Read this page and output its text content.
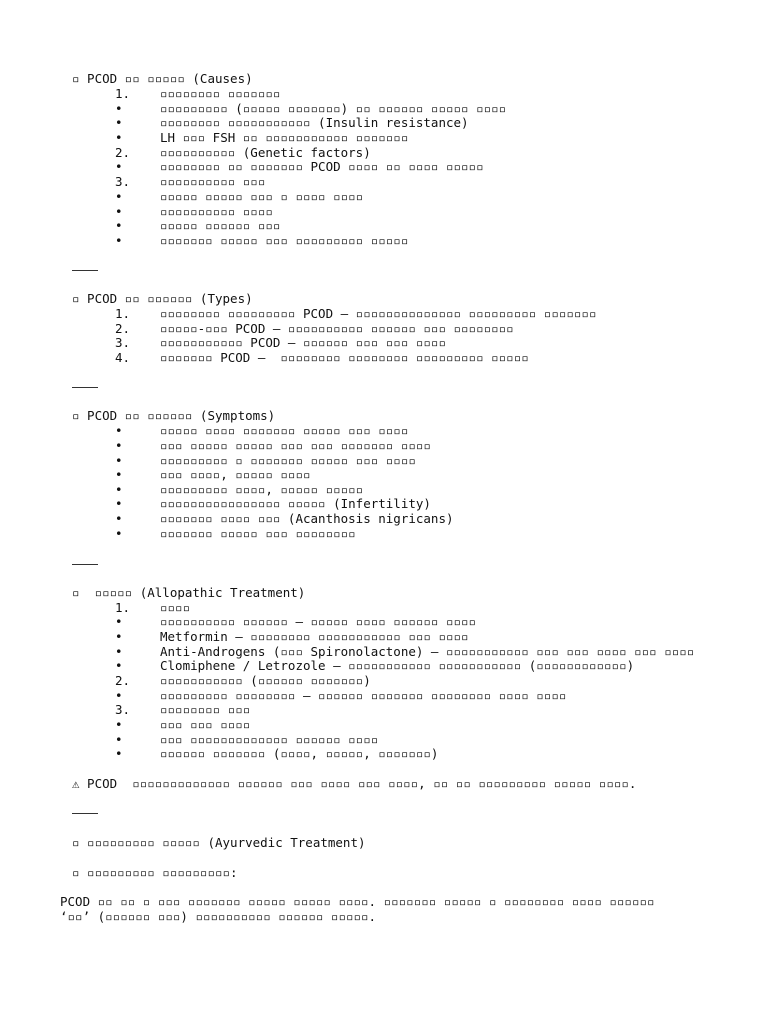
▫ PCOD ▫▫ ▫▫▫▫▫ (Causes)
1. ▫▫▫▫▫▫▫▫ ▫▫▫▫▫▫▫
•	▫▫▫▫▫▫▫▫▫ (▫▫▫▫▫ ▫▫▫▫▫▫▫) ▫▫ ▫▫▫▫▫▫ ▫▫▫▫▫ ▫▫▫▫
•	▫▫▫▫▫▫▫▫ ▫▫▫▫▫▫▫▫▫▫▫ (Insulin resistance)
•	LH ▫▫▫ FSH ▫▫ ▫▫▫▫▫▫▫▫▫▫▫ ▫▫▫▫▫▫▫
2. ▫▫▫▫▫▫▫▫▫▫ (Genetic factors)
•	▫▫▫▫▫▫▫▫ ▫▫ ▫▫▫▫▫▫▫ PCOD ▫▫▫▫ ▫▫ ▫▫▫▫ ▫▫▫▫▫
3. ▫▫▫▫▫▫▫▫▫▫ ▫▫▫
•	▫▫▫▫▫ ▫▫▫▫▫ ▫▫▫ ▫ ▫▫▫▫ ▫▫▫▫
•	▫▫▫▫▫▫▫▫▫▫ ▫▫▫▫
•	▫▫▫▫▫ ▫▫▫▫▫▫ ▫▫▫
•	▫▫▫▫▫▫▫ ▫▫▫▫▫ ▫▫▫ ▫▫▫▫▫▫▫▫▫ ▫▫▫▫▫
▫ PCOD ▫▫ ▫▫▫▫▫▫ (Types)
1. ▫▫▫▫▫▫▫▫ ▫▫▫▫▫▫▫▫▫ PCOD – ▫▫▫▫▫▫▫▫▫▫▫▫▫▫ ▫▫▫▫▫▫▫▫▫ ▫▫▫▫▫▫▫
2. ▫▫▫▫▫-▫▫▫ PCOD – ▫▫▫▫▫▫▫▫▫▫ ▫▫▫▫▫▫ ▫▫▫ ▫▫▫▫▫▫▫▫
3. ▫▫▫▫▫▫▫▫▫▫▫ PCOD – ▫▫▫▫▫▫ ▫▫▫ ▫▫▫ ▫▫▫▫
4. ▫▫▫▫▫▫▫ PCOD –  ▫▫▫▫▫▫▫▫ ▫▫▫▫▫▫▫▫ ▫▫▫▫▫▫▫▫▫ ▫▫▫▫▫
▫ PCOD ▫▫ ▫▫▫▫▫▫ (Symptoms)
•	▫▫▫▫▫ ▫▫▫▫ ▫▫▫▫▫▫▫ ▫▫▫▫▫ ▫▫▫ ▫▫▫▫
•	▫▫▫ ▫▫▫▫▫ ▫▫▫▫▫ ▫▫▫ ▫▫▫ ▫▫▫▫▫▫▫ ▫▫▫▫
•	▫▫▫▫▫▫▫▫▫ ▫ ▫▫▫▫▫▫▫ ▫▫▫▫▫ ▫▫▫ ▫▫▫▫
•	▫▫▫ ▫▫▫▫, ▫▫▫▫▫ ▫▫▫▫
•	▫▫▫▫▫▫▫▫▫ ▫▫▫▫, ▫▫▫▫▫ ▫▫▫▫▫
•	▫▫▫▫▫▫▫▫▫▫▫▫▫▫▫▫ ▫▫▫▫▫ (Infertility)
•	▫▫▫▫▫▫▫ ▫▫▫▫ ▫▫▫ (Acanthosis nigricans)
•	▫▫▫▫▫▫▫ ▫▫▫▫▫ ▫▫▫ ▫▫▫▫▫▫▫▫
▫  ▫▫▫▫▫ (Allopathic Treatment)
1. ▫▫▫▫
•	▫▫▫▫▫▫▫▫▫▫ ▫▫▫▫▫▫ – ▫▫▫▫▫ ▫▫▫▫ ▫▫▫▫▫▫ ▫▫▫▫
•	Metformin – ▫▫▫▫▫▫▫▫ ▫▫▫▫▫▫▫▫▫▫▫ ▫▫▫ ▫▫▫▫
•	Anti-Androgens (▫▫▫ Spironolactone) – ▫▫▫▫▫▫▫▫▫▫▫ ▫▫▫ ▫▫▫ ▫▫▫▫ ▫▫▫ ▫▫▫▫
•	Clomiphene / Letrozole – ▫▫▫▫▫▫▫▫▫▫▫ ▫▫▫▫▫▫▫▫▫▫▫ (▫▫▫▫▫▫▫▫▫▫▫▫)
2. ▫▫▫▫▫▫▫▫▫▫▫ (▫▫▫▫▫▫ ▫▫▫▫▫▫▫)
•	▫▫▫▫▫▫▫▫▫ ▫▫▫▫▫▫▫▫ – ▫▫▫▫▫▫ ▫▫▫▫▫▫▫ ▫▫▫▫▫▫▫▫ ▫▫▫▫ ▫▫▫▫
3. ▫▫▫▫▫▫▫▫ ▫▫▫
•	▫▫▫ ▫▫▫ ▫▫▫▫
•	▫▫▫ ▫▫▫▫▫▫▫▫▫▫▫▫▫ ▫▫▫▫▫▫ ▫▫▫▫
•	▫▫▫▫▫▫ ▫▫▫▫▫▫▫ (▫▫▫▫, ▫▫▫▫▫, ▫▫▫▫▫▫▫)
⚠ PCOD  ▫▫▫▫▫▫▫▫▫▫▫▫▫ ▫▫▫▫▫▫ ▫▫▫ ▫▫▫▫ ▫▫▫ ▫▫▫▫, ▫▫ ▫▫ ▫▫▫▫▫▫▫▫▫ ▫▫▫▫▫ ▫▫▫▫.
▫ ▫▫▫▫▫▫▫▫▫ ▫▫▫▫▫ (Ayurvedic Treatment)
▫ ▫▫▫▫▫▫▫▫▫ ▫▫▫▫▫▫▫▫▫:
PCOD ▫▫ ▫▫ ▫ ▫▫▫ ▫▫▫▫▫▫▫ ▫▫▫▫▫ ▫▫▫▫▫ ▫▫▫▫. ▫▫▫▫▫▫▫ ▫▫▫▫▫ ▫ ▫▫▫▫▫▫▫▫ ▫▫▫▫ ▫▫▫▫▫▫
‘▫▫’ (▫▫▫▫▫▫ ▫▫▫) ▫▫▫▫▫▫▫▫▫▫ ▫▫▫▫▫▫ ▫▫▫▫▫.
